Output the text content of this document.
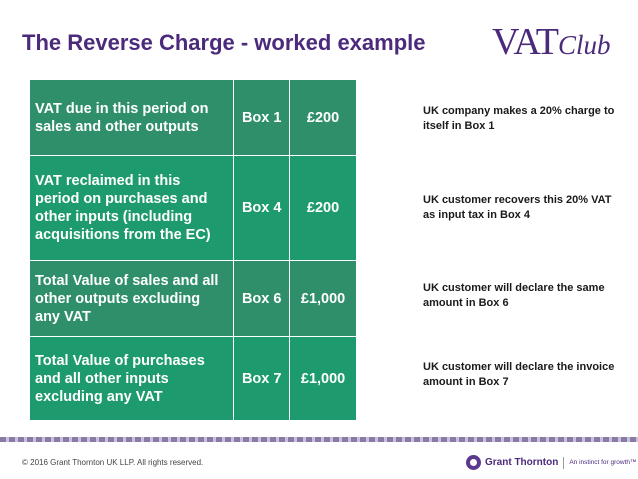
The Reverse Charge - worked example VATClub
VAT due in this period on sales and other outputs	Box 1	£200
VAT reclaimed in this period on purchases and other inputs (including acquisitions from the EC)	Box 4	£200
Total Value of sales and all other outputs excluding any VAT	Box 6	£1,000
Total Value of purchases and all other inputs excluding any VAT	Box 7	£1,000
UK company makes a 20% charge to itself in Box 1
UK customer recovers this 20% VAT as input tax in Box 4
UK customer will declare the same amount in Box 6
UK customer will declare the invoice amount in Box 7
© 2016 Grant Thornton UK LLP. All rights reserved.	Grant Thornton An instinct for growth™
